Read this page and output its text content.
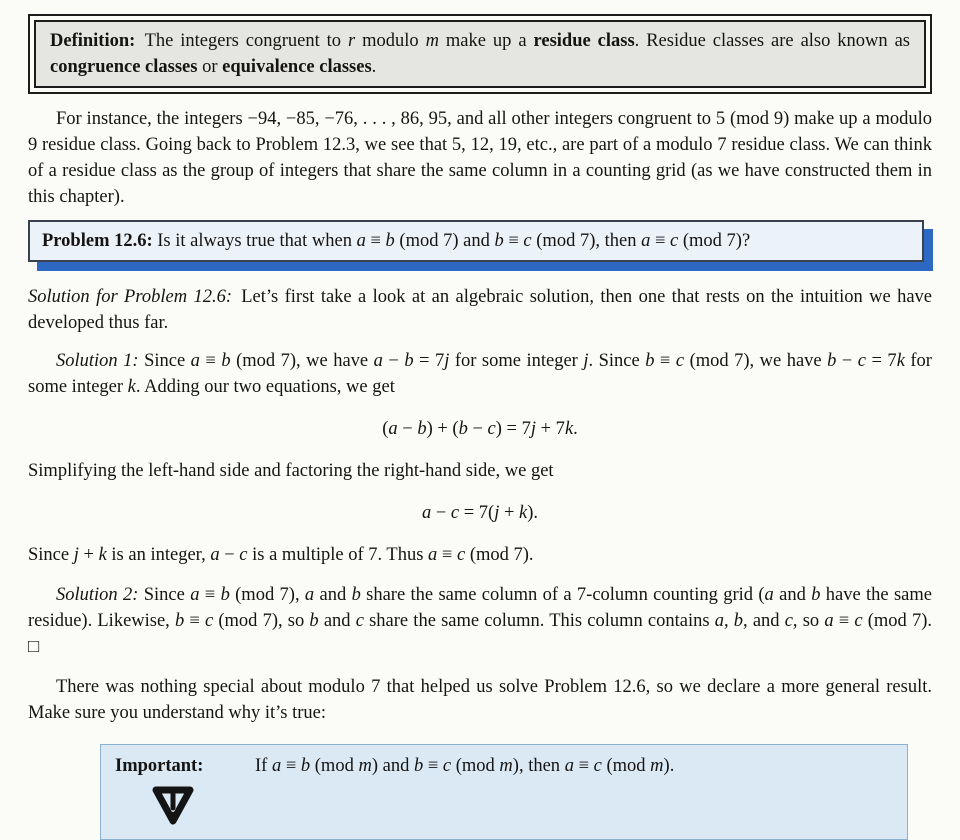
Definition: The integers congruent to r modulo m make up a residue class. Residue classes are also known as congruence classes or equivalence classes.

For instance, the integers −94, −85, −76, . . . , 86, 95, and all other integers congruent to 5 (mod 9) make up a modulo 9 residue class. Going back to Problem 12.3, we see that 5, 12, 19, etc., are part of a modulo 7 residue class. We can think of a residue class as the group of integers that share the same column in a counting grid (as we have constructed them in this chapter).

Problem 12.6: Is it always true that when a ≡ b (mod 7) and b ≡ c (mod 7), then a ≡ c (mod 7)?

Solution for Problem 12.6: Let’s first take a look at an algebraic solution, then one that rests on the intuition we have developed thus far.

Solution 1: Since a ≡ b (mod 7), we have a − b = 7j for some integer j. Since b ≡ c (mod 7), we have b − c = 7k for some integer k. Adding our two equations, we get

(a − b) + (b − c) = 7j + 7k.

Simplifying the left-hand side and factoring the right-hand side, we get

a − c = 7(j + k).

Since j + k is an integer, a − c is a multiple of 7. Thus a ≡ c (mod 7).

Solution 2: Since a ≡ b (mod 7), a and b share the same column of a 7-column counting grid (a and b have the same residue). Likewise, b ≡ c (mod 7), so b and c share the same column. This column contains a, b, and c, so a ≡ c (mod 7). □

There was nothing special about modulo 7 that helped us solve Problem 12.6, so we declare a more general result. Make sure you understand why it’s true:

Important:	If a ≡ b (mod m) and b ≡ c (mod m), then a ≡ c (mod m).
